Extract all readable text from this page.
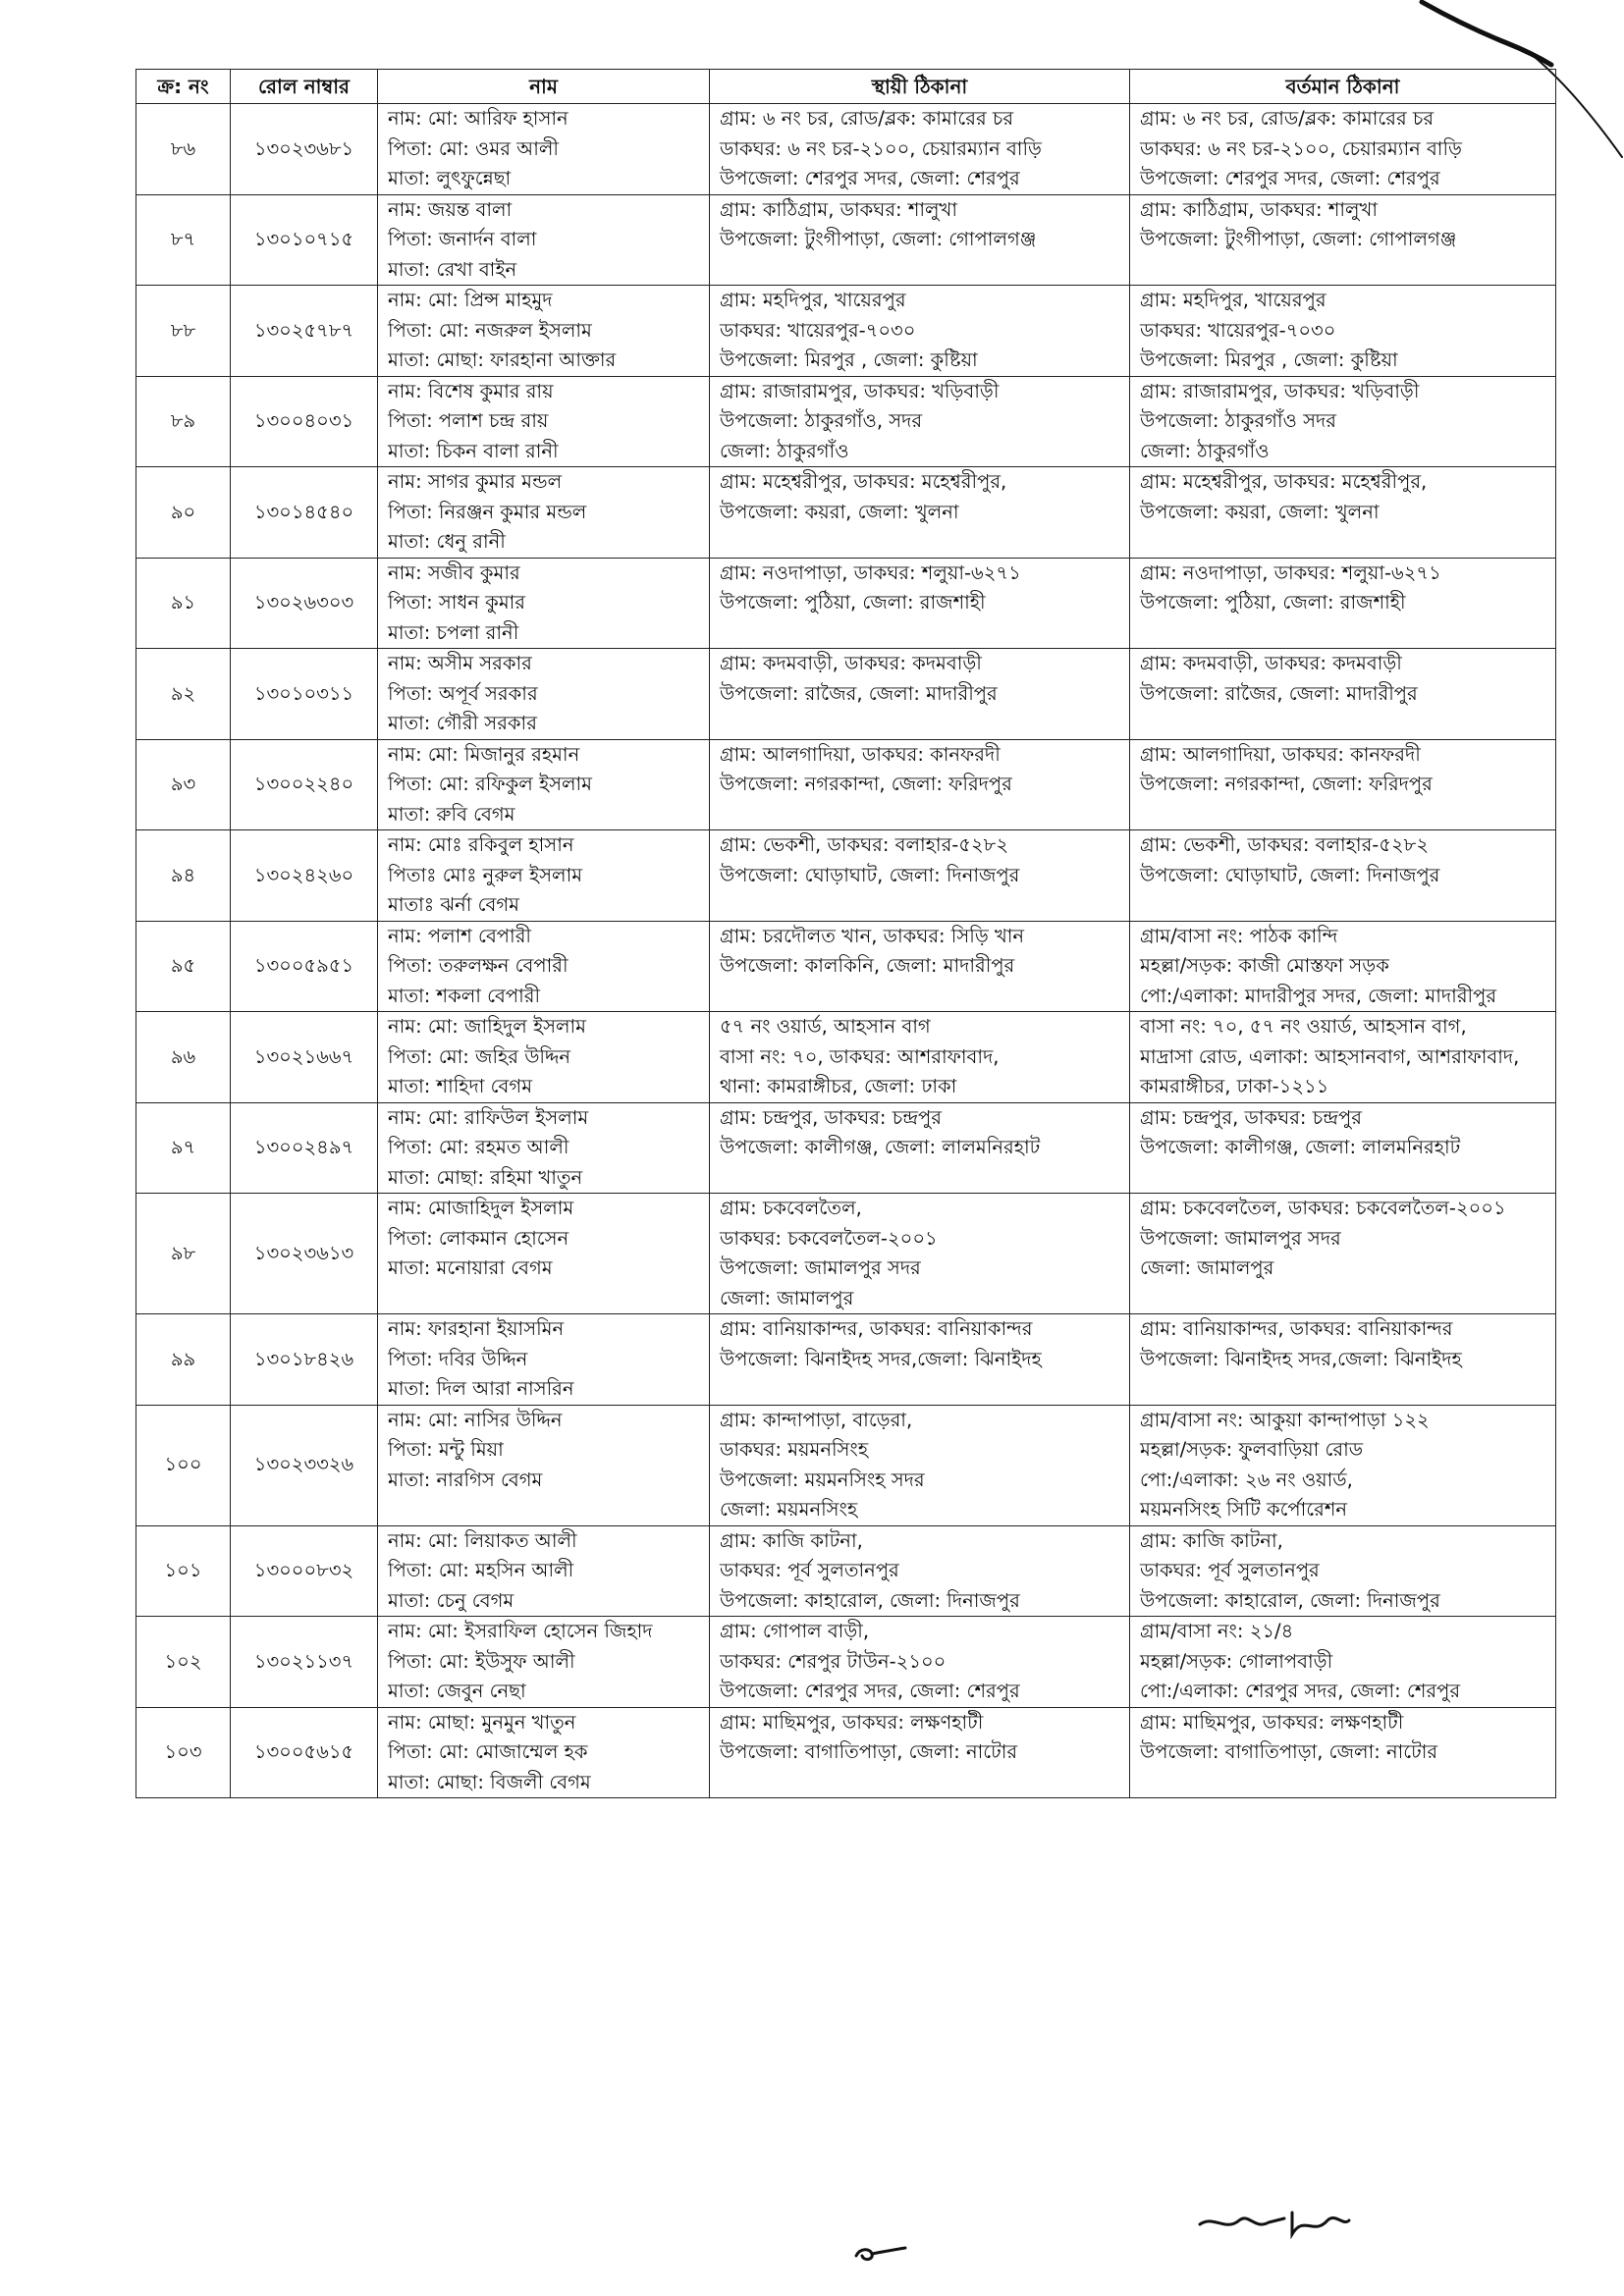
ক্র: নং	রোল নাম্বার	নাম	স্থায়ী ঠিকানা	বর্তমান ঠিকানা
৮৬	১৩০২৩৬৮১	নাম: মো: আরিফ হাসান
পিতা: মো: ওমর আলী
মাতা: লুৎফুন্নেছা	গ্রাম: ৬ নং চর, রোড/ব্লক: কামারের চর
ডাকঘর: ৬ নং চর-২১০০, চেয়ারম্যান বাড়ি
উপজেলা: শেরপুর সদর, জেলা: শেরপুর	গ্রাম: ৬ নং চর, রোড/ব্লক: কামারের চর
ডাকঘর: ৬ নং চর-২১০০, চেয়ারম্যান বাড়ি
উপজেলা: শেরপুর সদর, জেলা: শেরপুর

৮৭	১৩০১০৭১৫	নাম: জয়ন্ত বালা
পিতা: জনার্দন বালা
মাতা: রেখা বাইন	গ্রাম: কাঠিগ্রাম, ডাকঘর: শালুখা
উপজেলা: টুংগীপাড়া, জেলা: গোপালগঞ্জ	গ্রাম: কাঠিগ্রাম, ডাকঘর: শালুখা
উপজেলা: টুংগীপাড়া, জেলা: গোপালগঞ্জ

৮৮	১৩০২৫৭৮৭	নাম: মো: প্রিন্স মাহমুদ
পিতা: মো: নজরুল ইসলাম
মাতা: মোছা: ফারহানা আক্তার	গ্রাম: মহদিপুর, খায়েরপুর
ডাকঘর: খায়েরপুর-৭০৩০
উপজেলা: মিরপুর , জেলা: কুষ্টিয়া	গ্রাম: মহদিপুর, খায়েরপুর
ডাকঘর: খায়েরপুর-৭০৩০
উপজেলা: মিরপুর , জেলা: কুষ্টিয়া

৮৯	১৩০০৪০৩১	নাম: বিশেষ কুমার রায়
পিতা: পলাশ চন্দ্র রায়
মাতা: চিকন বালা রানী	গ্রাম: রাজারামপুর, ডাকঘর: খড়িবাড়ী
উপজেলা: ঠাকুরগাঁও, সদর
জেলা: ঠাকুরগাঁও	গ্রাম: রাজারামপুর, ডাকঘর: খড়িবাড়ী
উপজেলা: ঠাকুরগাঁও সদর
জেলা: ঠাকুরগাঁও

৯০	১৩০১৪৫৪০	নাম: সাগর কুমার মন্ডল
পিতা: নিরঞ্জন কুমার মন্ডল
মাতা: ধেনু রানী	গ্রাম: মহেশ্বরীপুর, ডাকঘর: মহেশ্বরীপুর,
উপজেলা: কয়রা, জেলা: খুলনা	গ্রাম: মহেশ্বরীপুর, ডাকঘর: মহেশ্বরীপুর,
উপজেলা: কয়রা, জেলা: খুলনা

৯১	১৩০২৬৩০৩	নাম: সজীব কুমার
পিতা: সাধন কুমার
মাতা: চপলা রানী	গ্রাম: নওদাপাড়া, ডাকঘর: শলুয়া-৬২৭১
উপজেলা: পুঠিয়া, জেলা: রাজশাহী	গ্রাম: নওদাপাড়া, ডাকঘর: শলুয়া-৬২৭১
উপজেলা: পুঠিয়া, জেলা: রাজশাহী

৯২	১৩০১০৩১১	নাম: অসীম সরকার
পিতা: অপূর্ব সরকার
মাতা: গৌরী সরকার	গ্রাম: কদমবাড়ী, ডাকঘর: কদমবাড়ী
উপজেলা: রাজৈর, জেলা: মাদারীপুর	গ্রাম: কদমবাড়ী, ডাকঘর: কদমবাড়ী
উপজেলা: রাজৈর, জেলা: মাদারীপুর

৯৩	১৩০০২২৪০	নাম: মো: মিজানুর রহমান
পিতা: মো: রফিকুল ইসলাম
মাতা: রুবি বেগম	গ্রাম: আলগাদিয়া, ডাকঘর: কানফরদী
উপজেলা: নগরকান্দা, জেলা: ফরিদপুর	গ্রাম: আলগাদিয়া, ডাকঘর: কানফরদী
উপজেলা: নগরকান্দা, জেলা: ফরিদপুর

৯৪	১৩০২৪২৬০	নাম: মোঃ রকিবুল হাসান
পিতাঃ মোঃ নুরুল ইসলাম
মাতাঃ ঝর্না বেগম	গ্রাম: ভেকশী, ডাকঘর: বলাহার-৫২৮২
উপজেলা: ঘোড়াঘাট, জেলা: দিনাজপুর	গ্রাম: ভেকশী, ডাকঘর: বলাহার-৫২৮২
উপজেলা: ঘোড়াঘাট, জেলা: দিনাজপুর

৯৫	১৩০০৫৯৫১	নাম: পলাশ বেপারী
পিতা: তরুলক্ষন বেপারী
মাতা: শকলা বেপারী	গ্রাম: চরদৌলত খান, ডাকঘর: সিড়ি খান
উপজেলা: কালকিনি, জেলা: মাদারীপুর	গ্রাম/বাসা নং: পাঠক কান্দি
মহল্লা/সড়ক: কাজী মোস্তফা সড়ক
পো:/এলাকা: মাদারীপুর সদর, জেলা: মাদারীপুর

৯৬	১৩০২১৬৬৭	নাম: মো: জাহিদুল ইসলাম
পিতা: মো: জহির উদ্দিন
মাতা: শাহিদা বেগম	৫৭ নং ওয়ার্ড, আহসান বাগ
বাসা নং: ৭০, ডাকঘর: আশরাফাবাদ,
থানা: কামরাঙ্গীচর, জেলা: ঢাকা	বাসা নং: ৭০, ৫৭ নং ওয়ার্ড, আহসান বাগ,
মাদ্রাসা রোড, এলাকা: আহসানবাগ, আশরাফাবাদ,
কামরাঙ্গীচর, ঢাকা-১২১১

৯৭	১৩০০২৪৯৭	নাম: মো: রাফিউল ইসলাম
পিতা: মো: রহমত আলী
মাতা: মোছা: রহিমা খাতুন	গ্রাম: চন্দ্রপুর, ডাকঘর: চন্দ্রপুর
উপজেলা: কালীগঞ্জ, জেলা: লালমনিরহাট	গ্রাম: চন্দ্রপুর, ডাকঘর: চন্দ্রপুর
উপজেলা: কালীগঞ্জ, জেলা: লালমনিরহাট

৯৮	১৩০২৩৬১৩	নাম: মোজাহিদুল ইসলাম
পিতা: লোকমান হোসেন
মাতা: মনোয়ারা বেগম	গ্রাম: চকবেলতৈল,
ডাকঘর: চকবেলতৈল-২০০১
উপজেলা: জামালপুর সদর
জেলা: জামালপুর	গ্রাম: চকবেলতৈল, ডাকঘর: চকবেলতৈল-২০০১
উপজেলা: জামালপুর সদর
জেলা: জামালপুর

৯৯	১৩০১৮৪২৬	নাম: ফারহানা ইয়াসমিন
পিতা: দবির উদ্দিন
মাতা: দিল আরা নাসরিন	গ্রাম: বানিয়াকান্দর, ডাকঘর: বানিয়াকান্দর
উপজেলা: ঝিনাইদহ সদর,জেলা: ঝিনাইদহ	গ্রাম: বানিয়াকান্দর, ডাকঘর: বানিয়াকান্দর
উপজেলা: ঝিনাইদহ সদর,জেলা: ঝিনাইদহ

১০০	১৩০২৩৩২৬	নাম: মো: নাসির উদ্দিন
পিতা: মন্টু মিয়া
মাতা: নারগিস বেগম	গ্রাম: কান্দাপাড়া, বাড়েরা,
ডাকঘর: ময়মনসিংহ
উপজেলা: ময়মনসিংহ সদর
জেলা: ময়মনসিংহ	গ্রাম/বাসা নং: আকুয়া কান্দাপাড়া ১২২
মহল্লা/সড়ক: ফুলবাড়িয়া রোড
পো:/এলাকা: ২৬ নং ওয়ার্ড,
ময়মনসিংহ সিটি কর্পোরেশন

১০১	১৩০০০৮৩২	নাম: মো: লিয়াকত আলী
পিতা: মো: মহসিন আলী
মাতা: চেনু বেগম	গ্রাম: কাজি কাটনা,
ডাকঘর: পূর্ব সুলতানপুর
উপজেলা: কাহারোল, জেলা: দিনাজপুর	গ্রাম: কাজি কাটনা,
ডাকঘর: পূর্ব সুলতানপুর
উপজেলা: কাহারোল, জেলা: দিনাজপুর

১০২	১৩০২১১৩৭	নাম: মো: ইসরাফিল হোসেন জিহাদ
পিতা: মো: ইউসুফ আলী
মাতা: জেবুন নেছা	গ্রাম: গোপাল বাড়ী,
ডাকঘর: শেরপুর টাউন-২১০০
উপজেলা: শেরপুর সদর, জেলা: শেরপুর	গ্রাম/বাসা নং: ২১/৪
মহল্লা/সড়ক: গোলাপবাড়ী
পো:/এলাকা: শেরপুর সদর, জেলা: শেরপুর

১০৩	১৩০০৫৬১৫	নাম: মোছা: মুনমুন খাতুন
পিতা: মো: মোজাম্মেল হক
মাতা: মোছা: বিজলী বেগম	গ্রাম: মাছিমপুর, ডাকঘর: লক্ষণহাটী
উপজেলা: বাগাতিপাড়া, জেলা: নাটোর	গ্রাম: মাছিমপুর, ডাকঘর: লক্ষণহাটী
উপজেলা: বাগাতিপাড়া, জেলা: নাটোর
